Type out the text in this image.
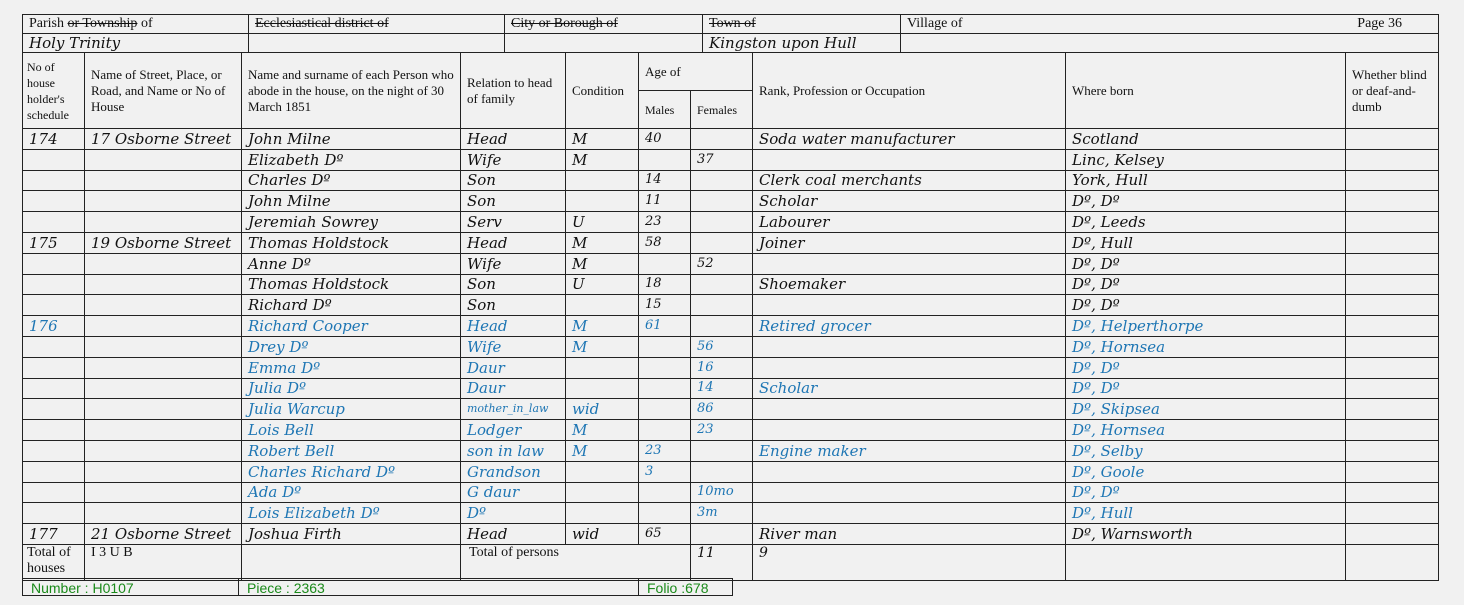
Parish or Township of	Ecclesiastical district of	City or Borough of	Town of	Village of Page 36

Holy Trinity			Kingston upon Hull	
No of house holder's schedule	Name of Street, Place, or Road, and Name or No of House	Name and surname of each Person who abode in the house, on the night of 30 March 1851	Relation to head of family	Condition	Age of		Rank, Profession or Occupation	Where born	Whether blind or deaf-and-dumb
					Males	Females			
174	17 Osborne Street	John Milne	Head	M	40		Soda water manufacturer	Scotland	
		Elizabeth Dº	Wife	M		37		Linc, Kelsey	
		Charles Dº	Son		14		Clerk coal merchants	York, Hull	
		John Milne	Son		11		Scholar	Dº, Dº	
		Jeremiah Sowrey	Serv	U	23		Labourer	Dº, Leeds	
175	19 Osborne Street	Thomas Holdstock	Head	M	58		Joiner	Dº, Hull	
		Anne Dº	Wife	M		52		Dº, Dº	
		Thomas Holdstock	Son	U	18		Shoemaker	Dº, Dº	
		Richard Dº	Son		15			Dº, Dº	
176		Richard Cooper	Head	M	61		Retired grocer	Dº, Helperthorpe	
		Drey Dº	Wife	M		56		Dº, Hornsea	
		Emma Dº	Daur			16		Dº, Dº	
		Julia Dº	Daur			14	Scholar	Dº, Dº	
		Julia Warcup	mother_in_law	wid		86		Dº, Skipsea	
		Lois Bell	Lodger	M		23		Dº, Hornsea	
		Robert Bell	son in law	M	23		Engine maker	Dº, Selby	
		Charles Richard Dº	Grandson		3			Dº, Goole	
		Ada Dº	G daur			10mo		Dº, Dº	
		Lois Elizabeth Dº	Dº			3m		Dº, Hull	
177	21 Osborne Street	Joshua Firth	Head	wid	65		River man	Dº, Warnsworth	
Total of houses	I 3 U B		Total of persons			11	9		
Number : H0107	Piece : 2363	Folio :678
